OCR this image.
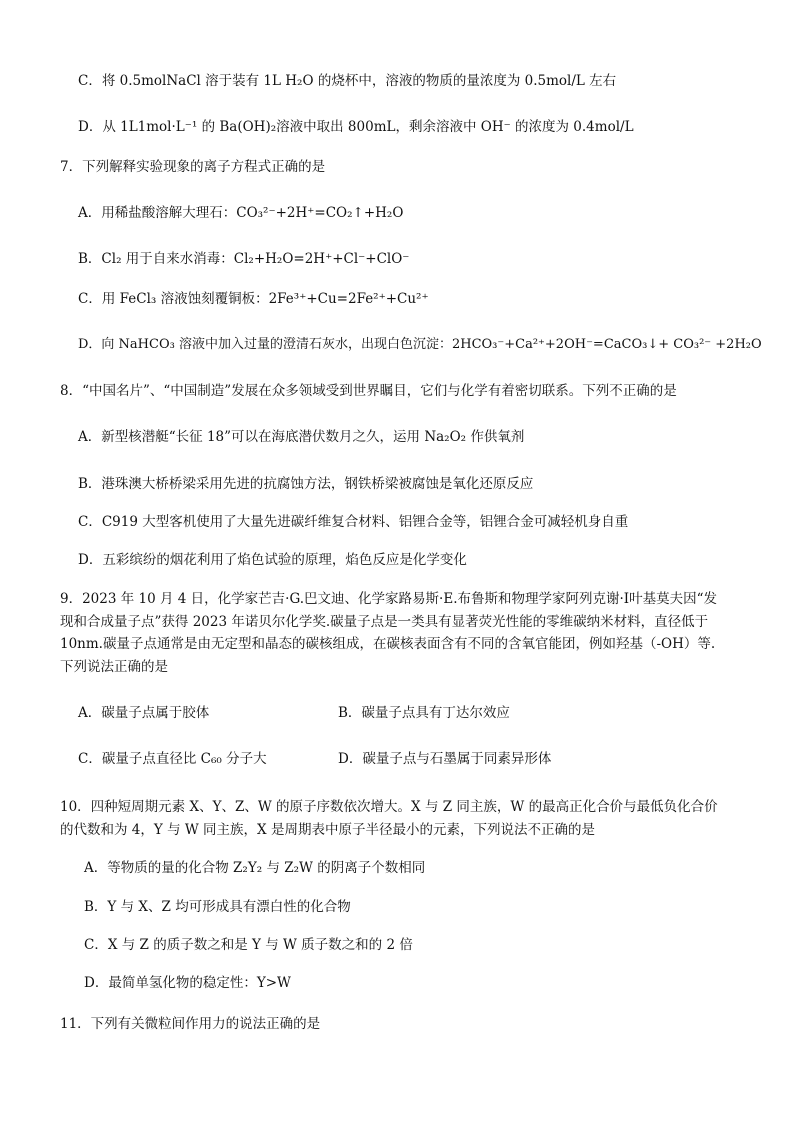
C．将 0.5molNaCl 溶于装有 1L H₂O 的烧杯中，溶液的物质的量浓度为 0.5mol/L 左右
D．从 1L1mol·L⁻¹ 的 Ba(OH)₂溶液中取出 800mL，剩余溶液中 OH⁻ 的浓度为 0.4mol/L
7．下列解释实验现象的离子方程式正确的是
A．用稀盐酸溶解大理石：CO₃²⁻+2H⁺=CO₂↑+H₂O
B．Cl₂ 用于自来水消毒：Cl₂+H₂O=2H⁺+Cl⁻+ClO⁻
C．用 FeCl₃ 溶液蚀刻覆铜板：2Fe³⁺+Cu=2Fe²⁺+Cu²⁺
D．向 NaHCO₃ 溶液中加入过量的澄清石灰水，出现白色沉淀：2HCO₃⁻+Ca²⁺+2OH⁻=CaCO₃↓+ CO₃²⁻ +2H₂O
8．“中国名片”、“中国制造”发展在众多领域受到世界瞩目，它们与化学有着密切联系。下列不正确的是
A．新型核潜艇“长征 18”可以在海底潜伏数月之久，运用 Na₂O₂ 作供氧剂
B．港珠澳大桥桥梁采用先进的抗腐蚀方法，钢铁桥梁被腐蚀是氧化还原反应
C．C919 大型客机使用了大量先进碳纤维复合材料、铝锂合金等，铝锂合金可减轻机身自重
D．五彩缤纷的烟花利用了焰色试验的原理，焰色反应是化学变化
9．2023 年 10 月 4 日，化学家芒吉·G.巴文迪、化学家路易斯·E.布鲁斯和物理学家阿列克谢·I叶基莫夫因“发现和合成量子点”获得 2023 年诺贝尔化学奖.碳量子点是一类具有显著荧光性能的零维碳纳米材料，直径低于 10nm.碳量子点通常是由无定型和晶态的碳核组成，在碳核表面含有不同的含氧官能团，例如羟基（-OH）等.下列说法正确的是
A．碳量子点属于胶体	B．碳量子点具有丁达尔效应
C．碳量子点直径比 C₆₀ 分子大	D．碳量子点与石墨属于同素异形体
10．四种短周期元素 X、Y、Z、W 的原子序数依次增大。X 与 Z 同主族，W 的最高正化合价与最低负化合价的代数和为 4，Y 与 W 同主族，X 是周期表中原子半径最小的元素，下列说法不正确的是
A．等物质的量的化合物 Z₂Y₂ 与 Z₂W 的阴离子个数相同
B．Y 与 X、Z 均可形成具有漂白性的化合物
C．X 与 Z 的质子数之和是 Y 与 W 质子数之和的 2 倍
D．最简单氢化物的稳定性：Y>W
11．下列有关微粒间作用力的说法正确的是
